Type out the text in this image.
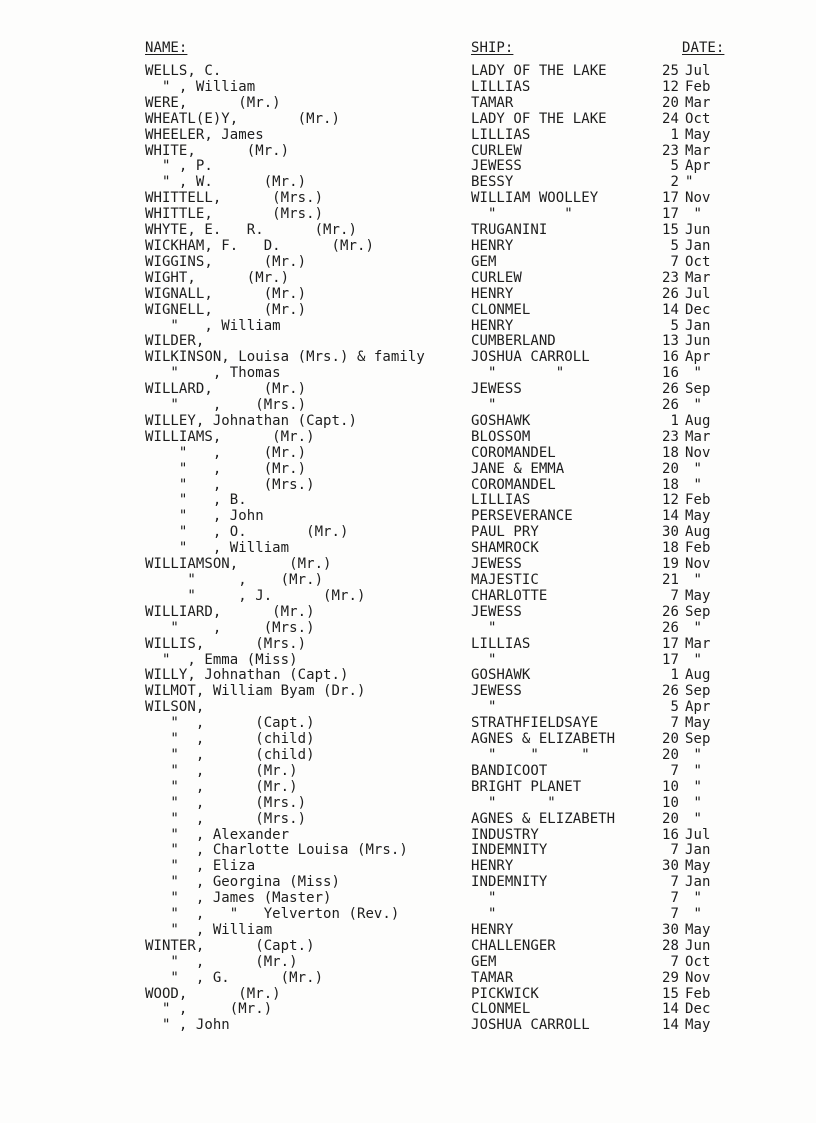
NAME:	SHIP:	DATE:
WELLS, C.	LADY OF THE LAKE	25 Jul
" , William	LILLIAS	12 Feb
WERE,      (Mr.)	TAMAR	20 Mar
WHEATL(E)Y,       (Mr.)	LADY OF THE LAKE	24 Oct
WHEELER, James	LILLIAS	1 May
WHITE,      (Mr.)	CURLEW	23 Mar
" , P.	JEWESS	5 Apr
" , W.      (Mr.)	BESSY	2 "
WHITTELL,      (Mrs.)	WILLIAM WOOLLEY	17 Nov
WHITTLE,       (Mrs.)	"        "	17 "
WHYTE, E.   R.      (Mr.)	TRUGANINI	15 Jun
WICKHAM, F.   D.      (Mr.)	HENRY	5 Jan
WIGGINS,      (Mr.)	GEM	7 Oct
WIGHT,      (Mr.)	CURLEW	23 Mar
WIGNALL,      (Mr.)	HENRY	26 Jul
WIGNELL,      (Mr.)	CLONMEL	14 Dec
"   , William	HENRY	5 Jan
WILDER,	CUMBERLAND	13 Jun
WILKINSON, Louisa (Mrs.) & family	JOSHUA CARROLL	16 Apr
"    , Thomas	"       "	16 "
WILLARD,      (Mr.)	JEWESS	26 Sep
"    ,    (Mrs.)	"	26 "
WILLEY, Johnathan (Capt.)	GOSHAWK	1 Aug
WILLIAMS,      (Mr.)	BLOSSOM	23 Mar
"   ,     (Mr.)	COROMANDEL	18 Nov
"   ,     (Mr.)	JANE & EMMA	20 "
"   ,     (Mrs.)	COROMANDEL	18 "
"   , B.	LILLIAS	12 Feb
"   , John	PERSEVERANCE	14 May
"   , O.       (Mr.)	PAUL PRY	30 Aug
"   , William	SHAMROCK	18 Feb
WILLIAMSON,      (Mr.)	JEWESS	19 Nov
"     ,    (Mr.)	MAJESTIC	21 "
"     , J.      (Mr.)	CHARLOTTE	7 May
WILLIARD,      (Mr.)	JEWESS	26 Sep
"    ,     (Mrs.)	"	26 "
WILLIS,      (Mrs.)	LILLIAS	17 Mar
"  , Emma (Miss)	"	17 "
WILLY, Johnathan (Capt.)	GOSHAWK	1 Aug
WILMOT, William Byam (Dr.)	JEWESS	26 Sep
WILSON,	"	5 Apr
"  ,      (Capt.)	STRATHFIELDSAYE	7 May
"  ,      (child)	AGNES & ELIZABETH	20 Sep
"  ,      (child)	"    "     "	20 "
"  ,      (Mr.)	BANDICOOT	7 "
"  ,      (Mr.)	BRIGHT PLANET	10 "
"  ,      (Mrs.)	"      "	10 "
"  ,      (Mrs.)	AGNES & ELIZABETH	20 "
"  , Alexander	INDUSTRY	16 Jul
"  , Charlotte Louisa (Mrs.)	INDEMNITY	7 Jan
"  , Eliza	HENRY	30 May
"  , Georgina (Miss)	INDEMNITY	7 Jan
"  , James (Master)	"	7 "
"  ,   "   Yelverton (Rev.)	"	7 "
"  , William	HENRY	30 May
WINTER,      (Capt.)	CHALLENGER	28 Jun
"  ,      (Mr.)	GEM	7 Oct
"  , G.      (Mr.)	TAMAR	29 Nov
WOOD,      (Mr.)	PICKWICK	15 Feb
" ,     (Mr.)	CLONMEL	14 Dec
" , John	JOSHUA CARROLL	14 May
